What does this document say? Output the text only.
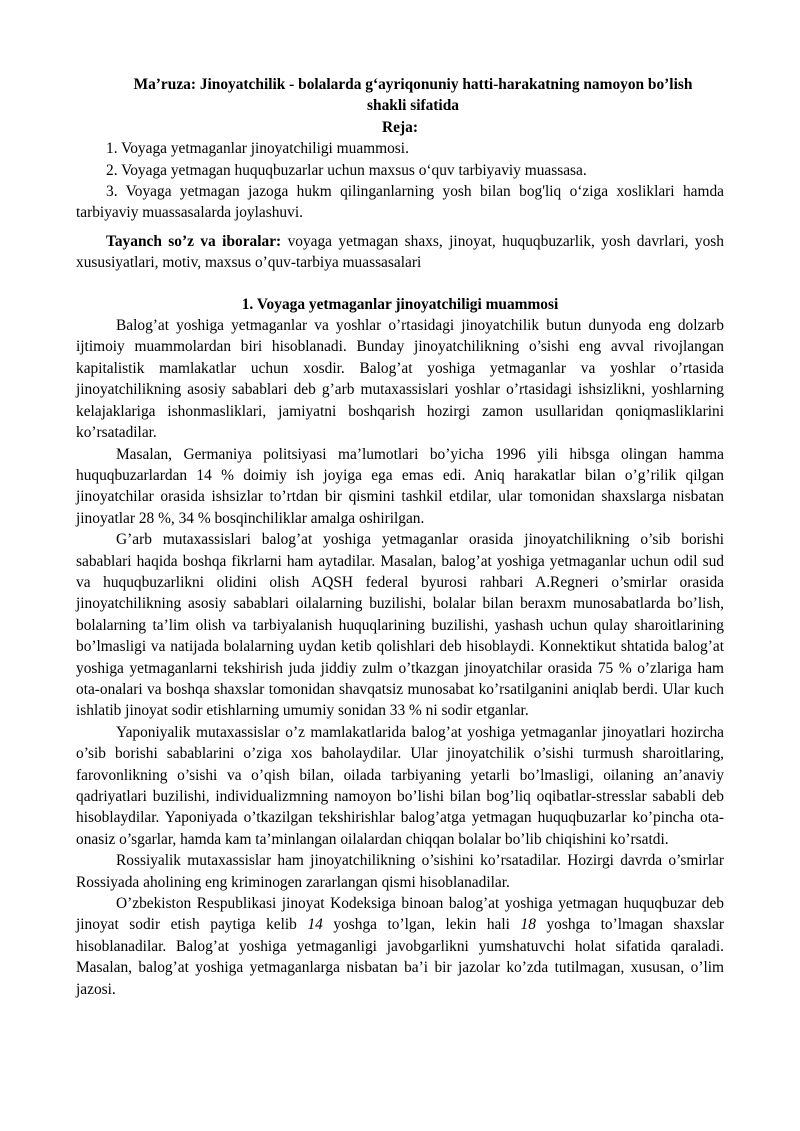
Ma’ruza: Jinoyatchilik - bolalarda g‘ayriqonuniy hatti-harakatning namoyon bo’lish shakli sifatida

Reja:

1. Voyaga yetmaganlar jinoyatchiligi muammosi.
2. Voyaga yetmagan huquqbuzarlar uchun maxsus o‘quv tarbiyaviy muassasa.
3. Voyaga yetmagan jazoga hukm qilinganlarning yosh bilan bog'liq o‘ziga xosliklari hamda tarbiyaviy muassasalarda joylashuvi.

Tayanch so’z va iboralar: voyaga yetmagan shaxs, jinoyat, huquqbuzarlik, yosh davrlari, yosh xususiyatlari, motiv, maxsus o’quv-tarbiya muassasalari

1. Voyaga yetmaganlar jinoyatchiligi muammosi

Balog’at yoshiga yetmaganlar va yoshlar o’rtasidagi jinoyatchilik butun dunyoda eng dolzarb ijtimoiy muammolardan biri hisoblanadi. Bunday jinoyatchilikning o’sishi eng avval rivojlangan kapitalistik mamlakatlar uchun xosdir. Balog’at yoshiga yetmaganlar va yoshlar o’rtasida jinoyatchilikning asosiy sabablari deb g’arb mutaxassislari yoshlar o’rtasidagi ishsizlikni, yoshlarning kelajaklariga ishonmasliklari, jamiyatni boshqarish hozirgi zamon usullaridan qoniqmasliklarini ko’rsatadilar.

Masalan, Germaniya politsiyasi ma’lumotlari bo’yicha 1996 yili hibsga olingan hamma huquqbuzarlardan 14 % doimiy ish joyiga ega emas edi. Aniq harakatlar bilan o’g’rilik qilgan jinoyatchilar orasida ishsizlar to’rtdan bir qismini tashkil etdilar, ular tomonidan shaxslarga nisbatan jinoyatlar 28 %, 34 % bosqinchiliklar amalga oshirilgan.

G’arb mutaxassislari balog’at yoshiga yetmaganlar orasida jinoyatchilikning o’sib borishi sabablari haqida boshqa fikrlarni ham aytadilar. Masalan, balog’at yoshiga yetmaganlar uchun odil sud va huquqbuzarlikni olidini olish AQSH federal byurosi rahbari A.Regneri o’smirlar orasida jinoyatchilikning asosiy sabablari oilalarning buzilishi, bolalar bilan beraxm munosabatlarda bo’lish, bolalarning ta’lim olish va tarbiyalanish huquqlarining buzilishi, yashash uchun qulay sharoitlarining bo’lmasligi va natijada bolalarning uydan ketib qolishlari deb hisoblaydi. Konnektikut shtatida balog’at yoshiga yetmaganlarni tekshirish juda jiddiy zulm o’tkazgan jinoyatchilar orasida 75 % o’zlariga ham ota-onalari va boshqa shaxslar tomonidan shavqatsiz munosabat ko’rsatilganini aniqlab berdi. Ular kuch ishlatib jinoyat sodir etishlarning umumiy sonidan 33 % ni sodir etganlar.

Yaponiyalik mutaxassislar o’z mamlakatlarida balog’at yoshiga yetmaganlar jinoyatlari hozircha o’sib borishi sabablarini o’ziga xos baholaydilar. Ular jinoyatchilik o’sishi turmush sharoitlaring, farovonlikning o’sishi va o’qish bilan, oilada tarbiyaning yetarli bo’lmasligi, oilaning an’anaviy qadriyatlari buzilishi, individualizmning namoyon bo’lishi bilan bog’liq oqibatlar-stresslar sababli deb hisoblaydilar. Yaponiyada o’tkazilgan tekshirishlar balog’atga yetmagan huquqbuzarlar ko’pincha ota-onasiz o’sgarlar, hamda kam ta’minlangan oilalardan chiqqan bolalar bo’lib chiqishini ko’rsatdi.

Rossiyalik mutaxassislar ham jinoyatchilikning o’sishini ko’rsatadilar. Hozirgi davrda o’smirlar Rossiyada aholining eng kriminogen zararlangan qismi hisoblanadilar.

O’zbekiston Respublikasi jinoyat Kodeksiga binoan balog’at yoshiga yetmagan huquqbuzar deb jinoyat sodir etish paytiga kelib 14 yoshga to’lgan, lekin hali 18 yoshga to’lmagan shaxslar hisoblanadilar. Balog’at yoshiga yetmaganligi javobgarlikni yumshatuvchi holat sifatida qaraladi. Masalan, balog’at yoshiga yetmaganlarga nisbatan ba’i bir jazolar ko’zda tutilmagan, xususan, o’lim jazosi.
